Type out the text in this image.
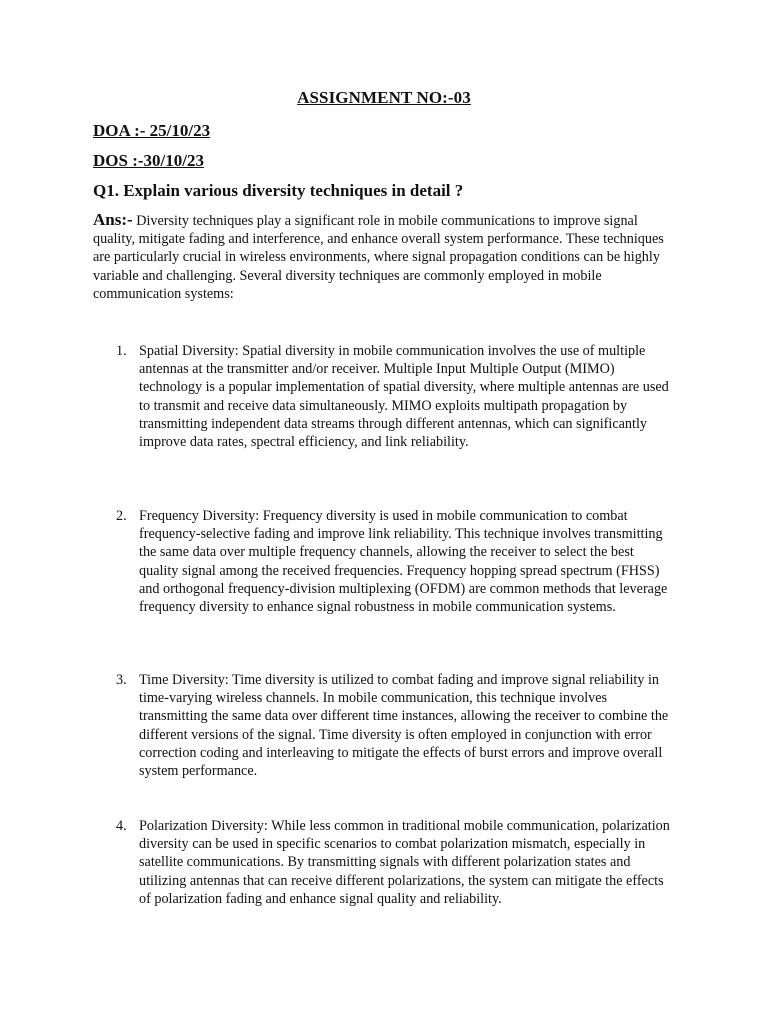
ASSIGNMENT NO:-03
DOA :- 25/10/23
DOS :-30/10/23
Q1. Explain various diversity techniques in detail ?
Ans:- Diversity techniques play a significant role in mobile communications to improve signal quality, mitigate fading and interference, and enhance overall system performance. These techniques are particularly crucial in wireless environments, where signal propagation conditions can be highly variable and challenging. Several diversity techniques are commonly employed in mobile communication systems:
1. Spatial Diversity: Spatial diversity in mobile communication involves the use of multiple antennas at the transmitter and/or receiver. Multiple Input Multiple Output (MIMO) technology is a popular implementation of spatial diversity, where multiple antennas are used to transmit and receive data simultaneously. MIMO exploits multipath propagation by transmitting independent data streams through different antennas, which can significantly improve data rates, spectral efficiency, and link reliability.
2. Frequency Diversity: Frequency diversity is used in mobile communication to combat frequency-selective fading and improve link reliability. This technique involves transmitting the same data over multiple frequency channels, allowing the receiver to select the best quality signal among the received frequencies. Frequency hopping spread spectrum (FHSS) and orthogonal frequency-division multiplexing (OFDM) are common methods that leverage frequency diversity to enhance signal robustness in mobile communication systems.
3. Time Diversity: Time diversity is utilized to combat fading and improve signal reliability in time-varying wireless channels. In mobile communication, this technique involves transmitting the same data over different time instances, allowing the receiver to combine the different versions of the signal. Time diversity is often employed in conjunction with error correction coding and interleaving to mitigate the effects of burst errors and improve overall system performance.
4. Polarization Diversity: While less common in traditional mobile communication, polarization diversity can be used in specific scenarios to combat polarization mismatch, especially in satellite communications. By transmitting signals with different polarization states and utilizing antennas that can receive different polarizations, the system can mitigate the effects of polarization fading and enhance signal quality and reliability.
